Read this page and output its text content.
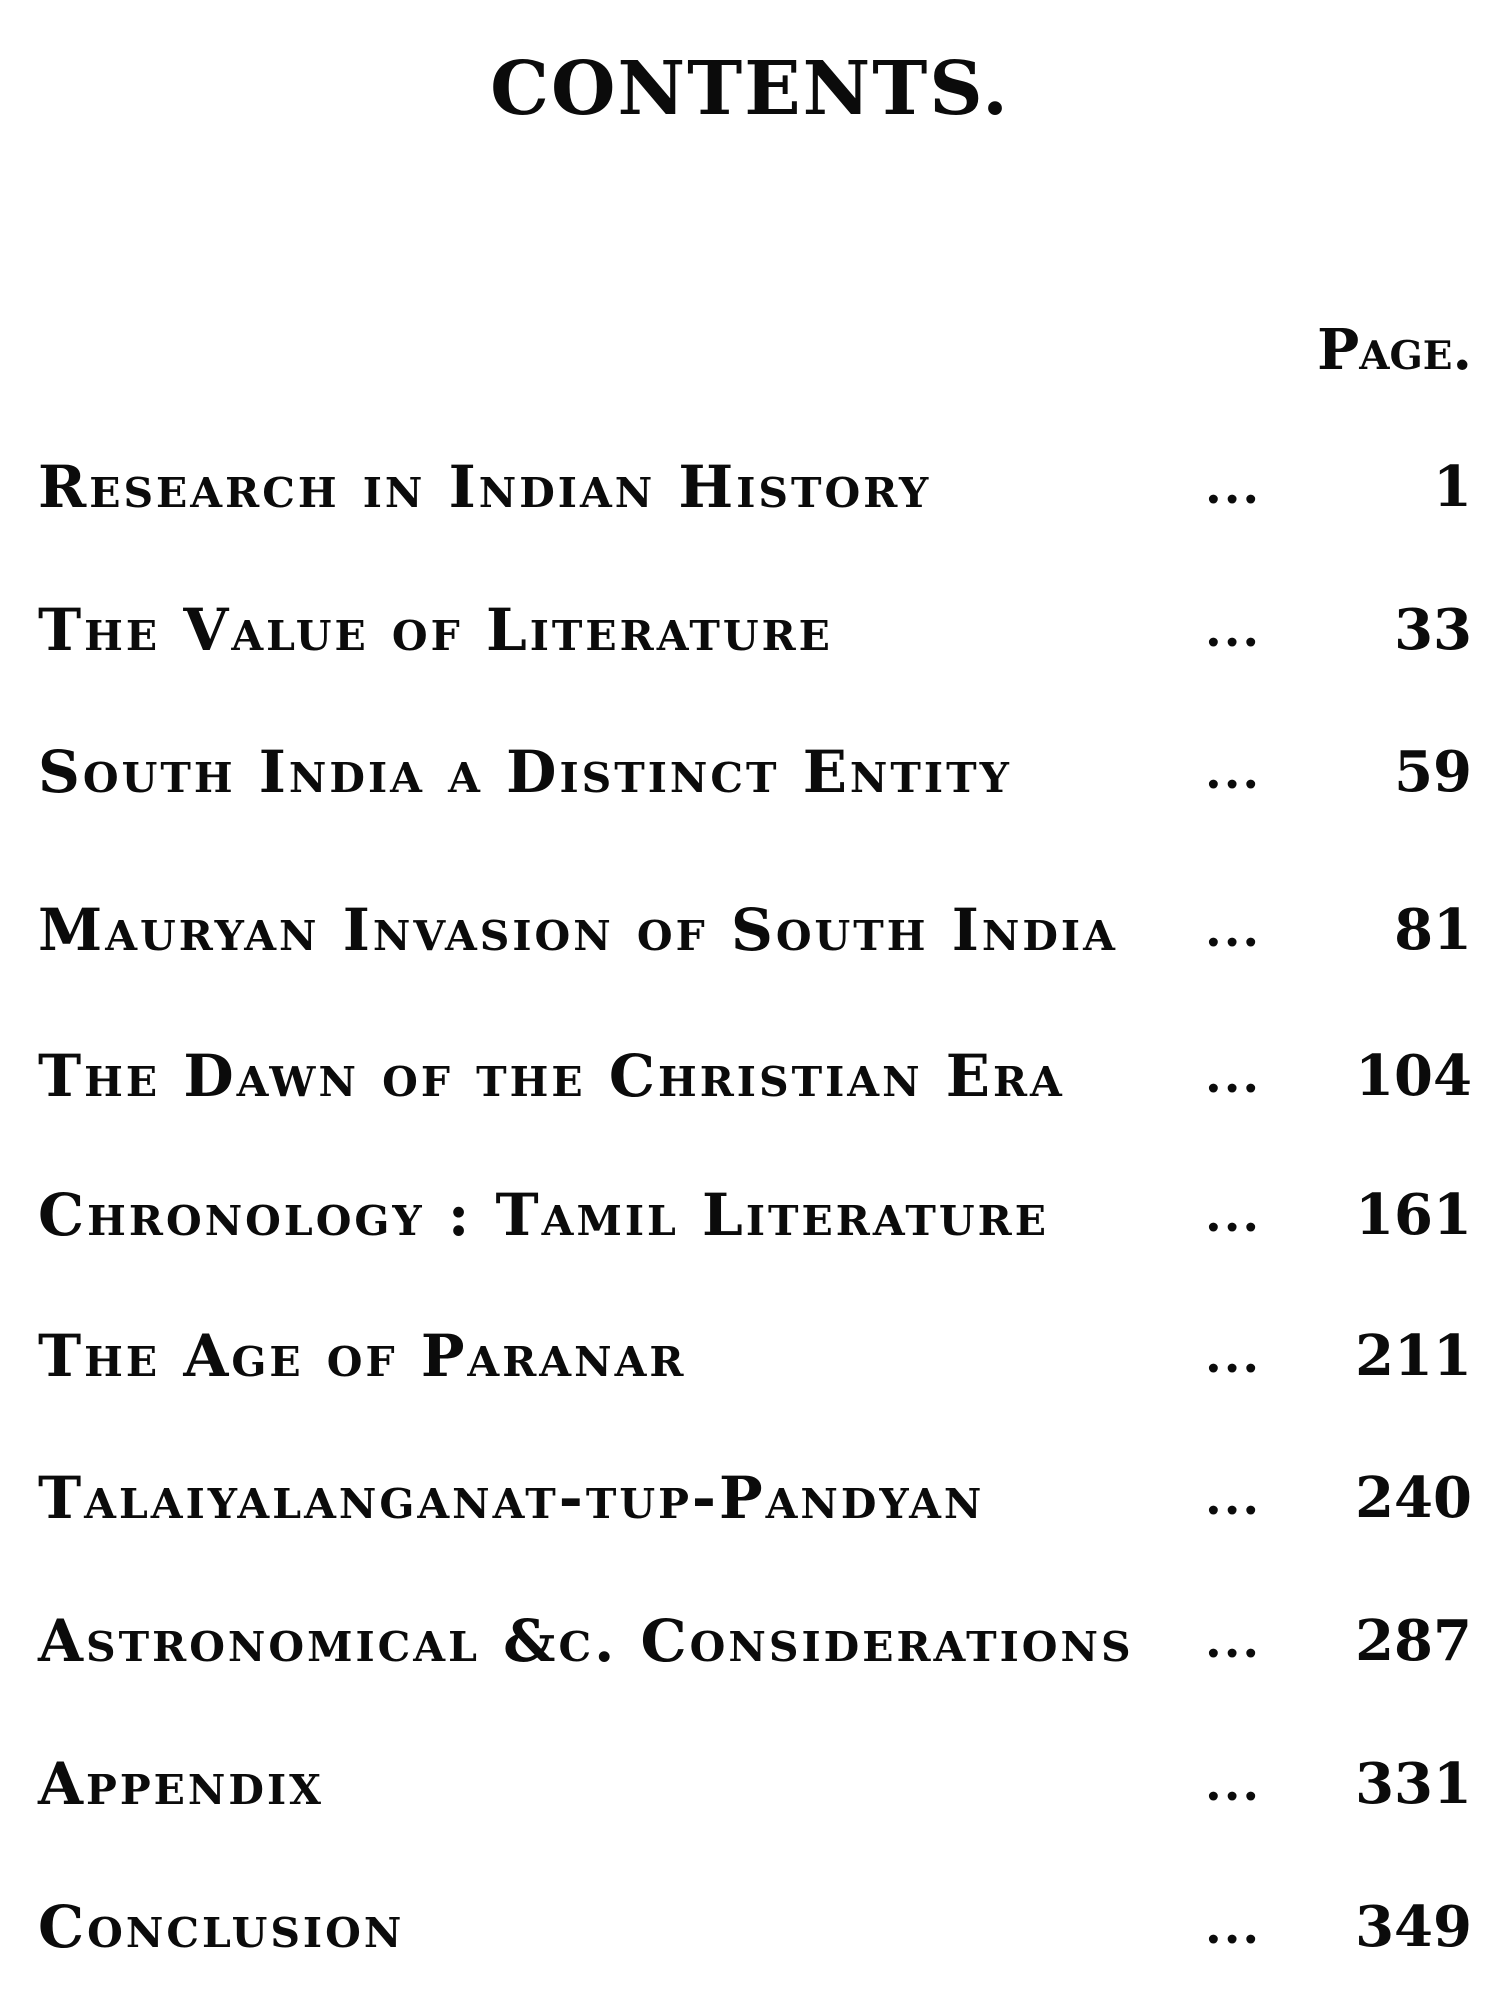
CONTENTS.
Page.
Research in Indian History	...	1
The Value of Literature	... 33
South India a Distinct Entity	... 59
Mauryan Invasion of South India ... 81
The Dawn of the Christian Era	... 104
Chronology : Tamil Literature	... 161
The Age of Paranar	... 211
Talaiyalanganat-tup-Pandyan	... 240
Astronomical &c. Considerations ... 287
Appendix	... 331
Conclusion	... 349
